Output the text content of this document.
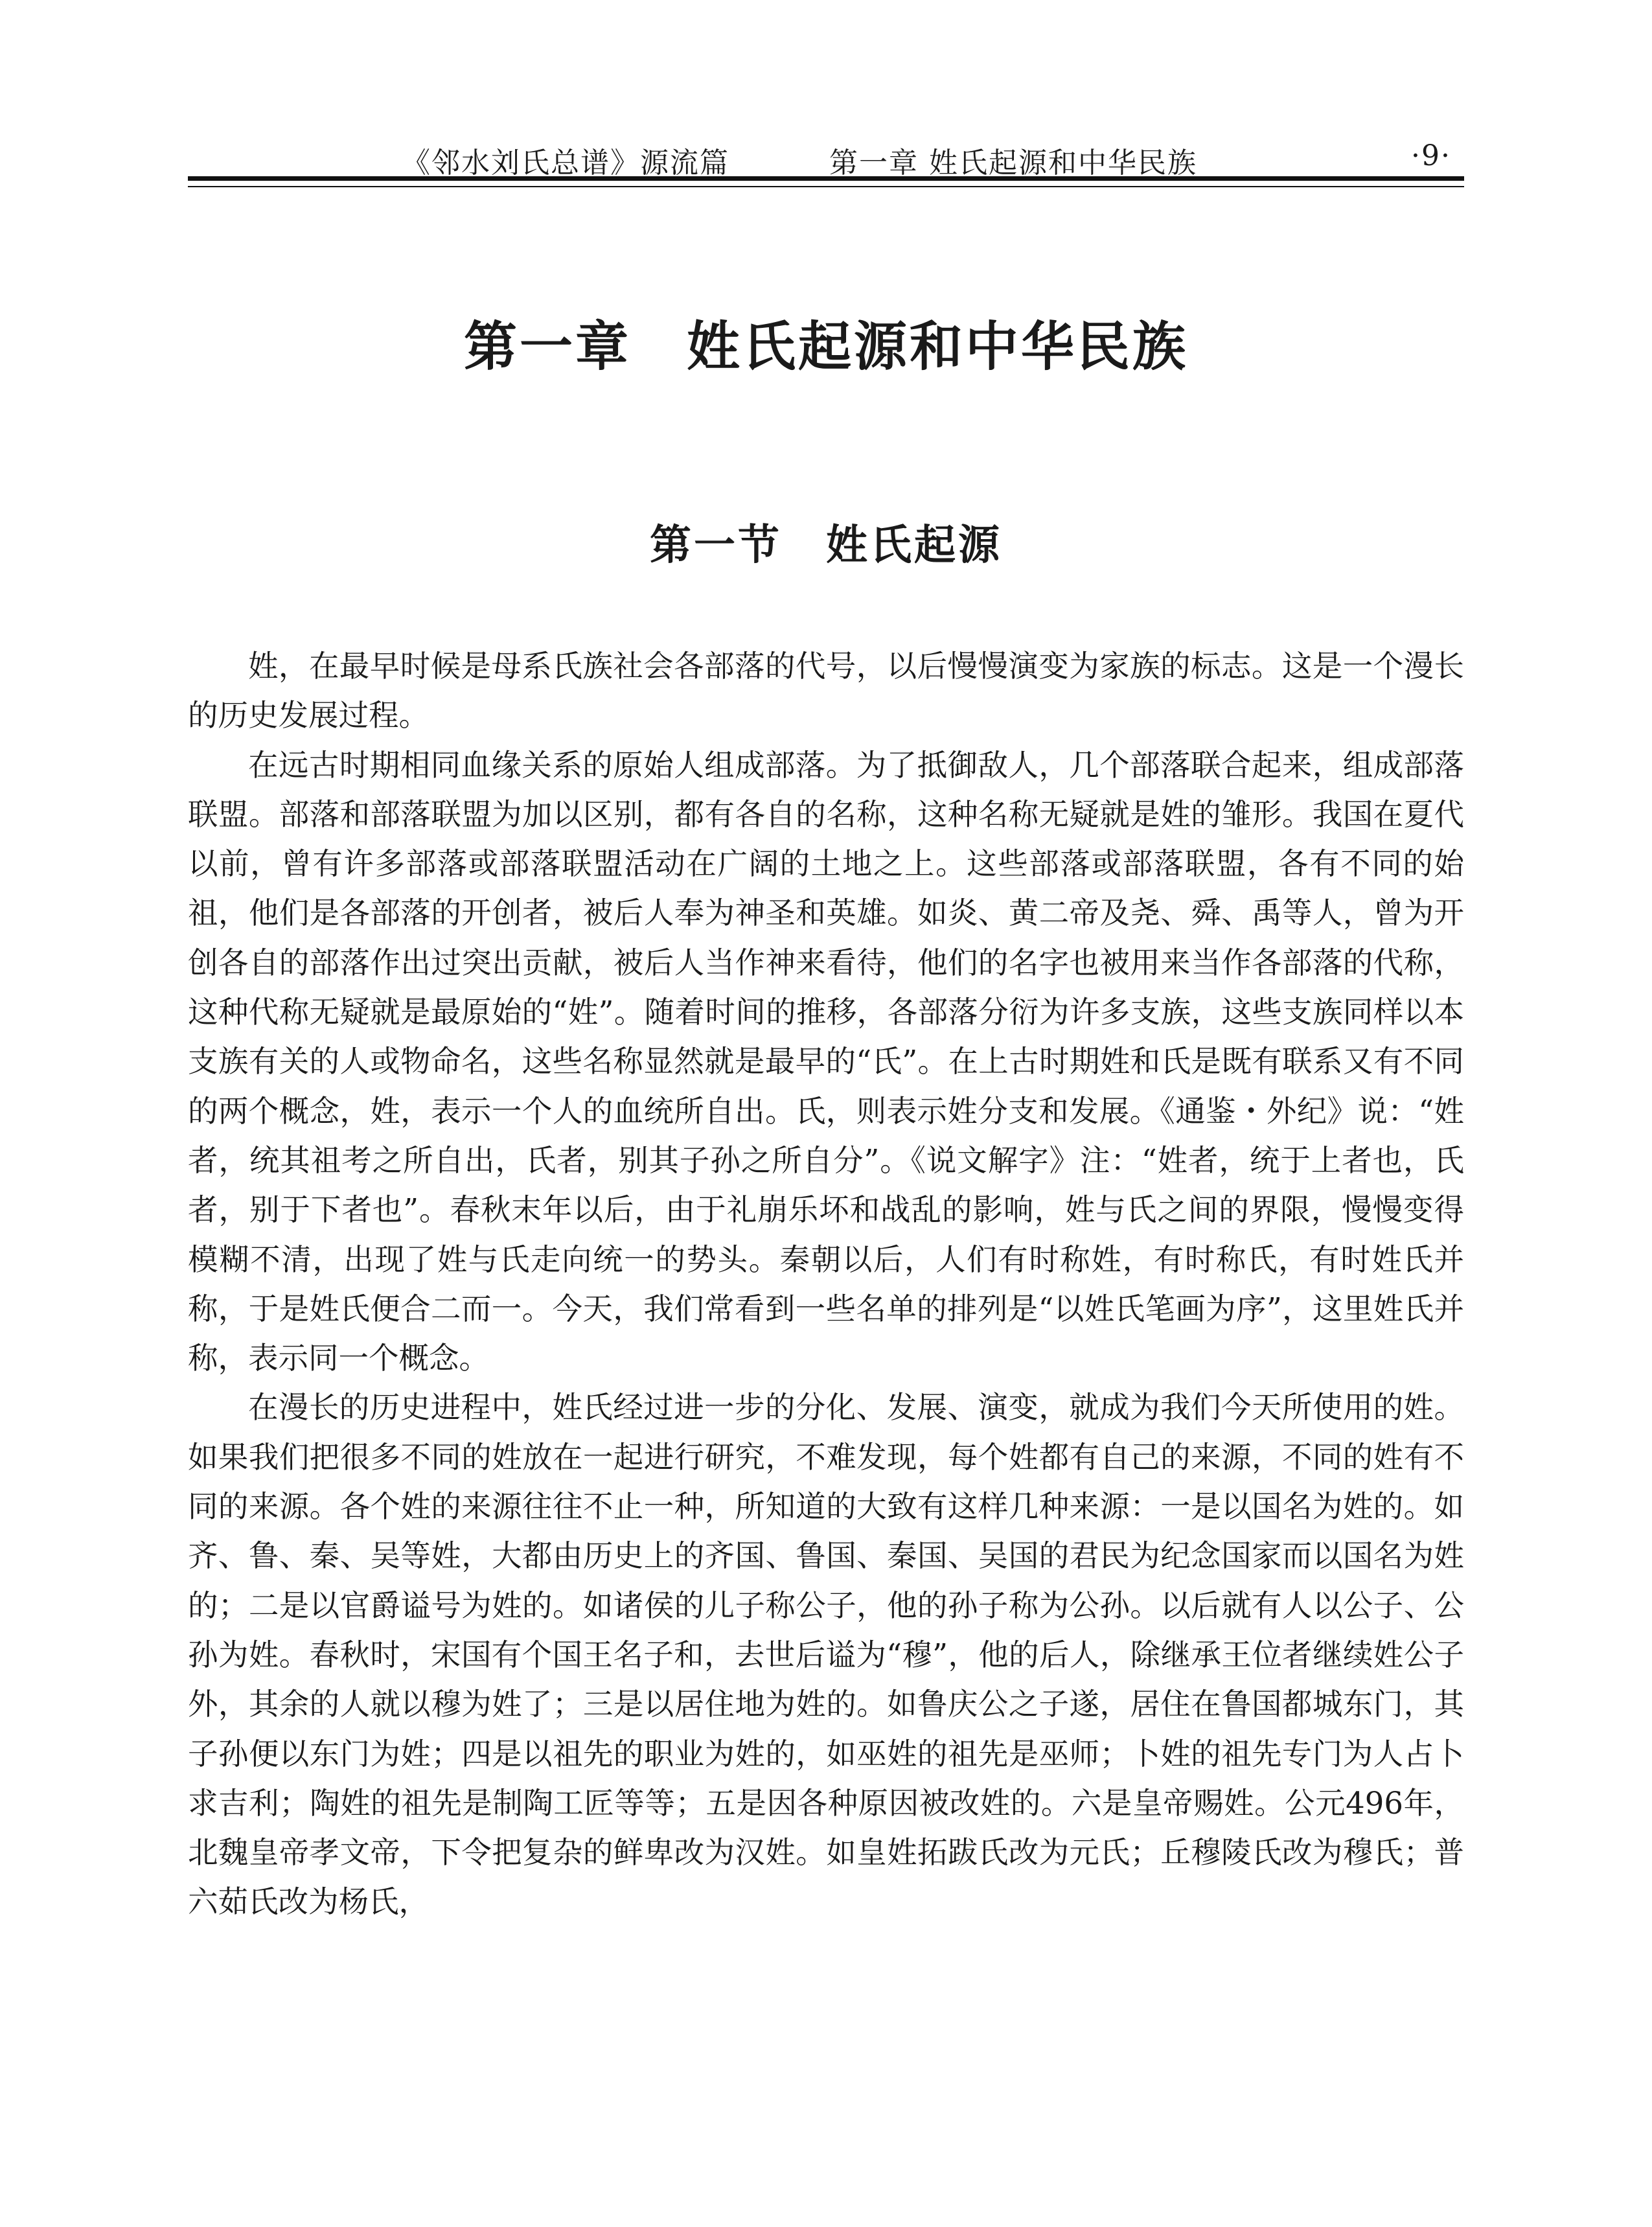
《邻水刘氏总谱》源流篇	第一章 姓氏起源和中华民族	·9·
第一章　姓氏起源和中华民族
第一节　姓氏起源

姓，在最早时候是母系氏族社会各部落的代号，以后慢慢演变为家族的标志。这是一个漫长的历史发展过程。

在远古时期相同血缘关系的原始人组成部落。为了抵御敌人，几个部落联合起来，组成部落联盟。部落和部落联盟为加以区别，都有各自的名称，这种名称无疑就是姓的雏形。我国在夏代以前，曾有许多部落或部落联盟活动在广阔的土地之上。这些部落或部落联盟，各有不同的始祖，他们是各部落的开创者，被后人奉为神圣和英雄。如炎、黄二帝及尧、舜、禹等人，曾为开创各自的部落作出过突出贡献，被后人当作神来看待，他们的名字也被用来当作各部落的代称，这种代称无疑就是最原始的“姓”。随着时间的推移，各部落分衍为许多支族，这些支族同样以本支族有关的人或物命名，这些名称显然就是最早的“氏”。在上古时期姓和氏是既有联系又有不同的两个概念，姓，表示一个人的血统所自出。氏，则表示姓分支和发展。《通鉴・外纪》说：“姓者，统其祖考之所自出，氏者，别其子孙之所自分”。《说文解字》注：“姓者，统于上者也，氏者，别于下者也”。春秋末年以后，由于礼崩乐坏和战乱的影响，姓与氏之间的界限，慢慢变得模糊不清，出现了姓与氏走向统一的势头。秦朝以后，人们有时称姓，有时称氏，有时姓氏并称，于是姓氏便合二而一。今天，我们常看到一些名单的排列是“以姓氏笔画为序”，这里姓氏并称，表示同一个概念。

在漫长的历史进程中，姓氏经过进一步的分化、发展、演变，就成为我们今天所使用的姓。如果我们把很多不同的姓放在一起进行研究，不难发现，每个姓都有自己的来源，不同的姓有不同的来源。各个姓的来源往往不止一种，所知道的大致有这样几种来源：一是以国名为姓的。如齐、鲁、秦、吴等姓，大都由历史上的齐国、鲁国、秦国、吴国的君民为纪念国家而以国名为姓的；二是以官爵谥号为姓的。如诸侯的儿子称公子，他的孙子称为公孙。以后就有人以公子、公孙为姓。春秋时，宋国有个国王名子和，去世后谥为“穆”，他的后人，除继承王位者继续姓公子外，其余的人就以穆为姓了；三是以居住地为姓的。如鲁庆公之子遂，居住在鲁国都城东门，其子孙便以东门为姓；四是以祖先的职业为姓的，如巫姓的祖先是巫师；卜姓的祖先专门为人占卜求吉利；陶姓的祖先是制陶工匠等等；五是因各种原因被改姓的。六是皇帝赐姓。公元496年，北魏皇帝孝文帝，下令把复杂的鲜卑改为汉姓。如皇姓拓跋氏改为元氏；丘穆陵氏改为穆氏；普六茹氏改为杨氏，
